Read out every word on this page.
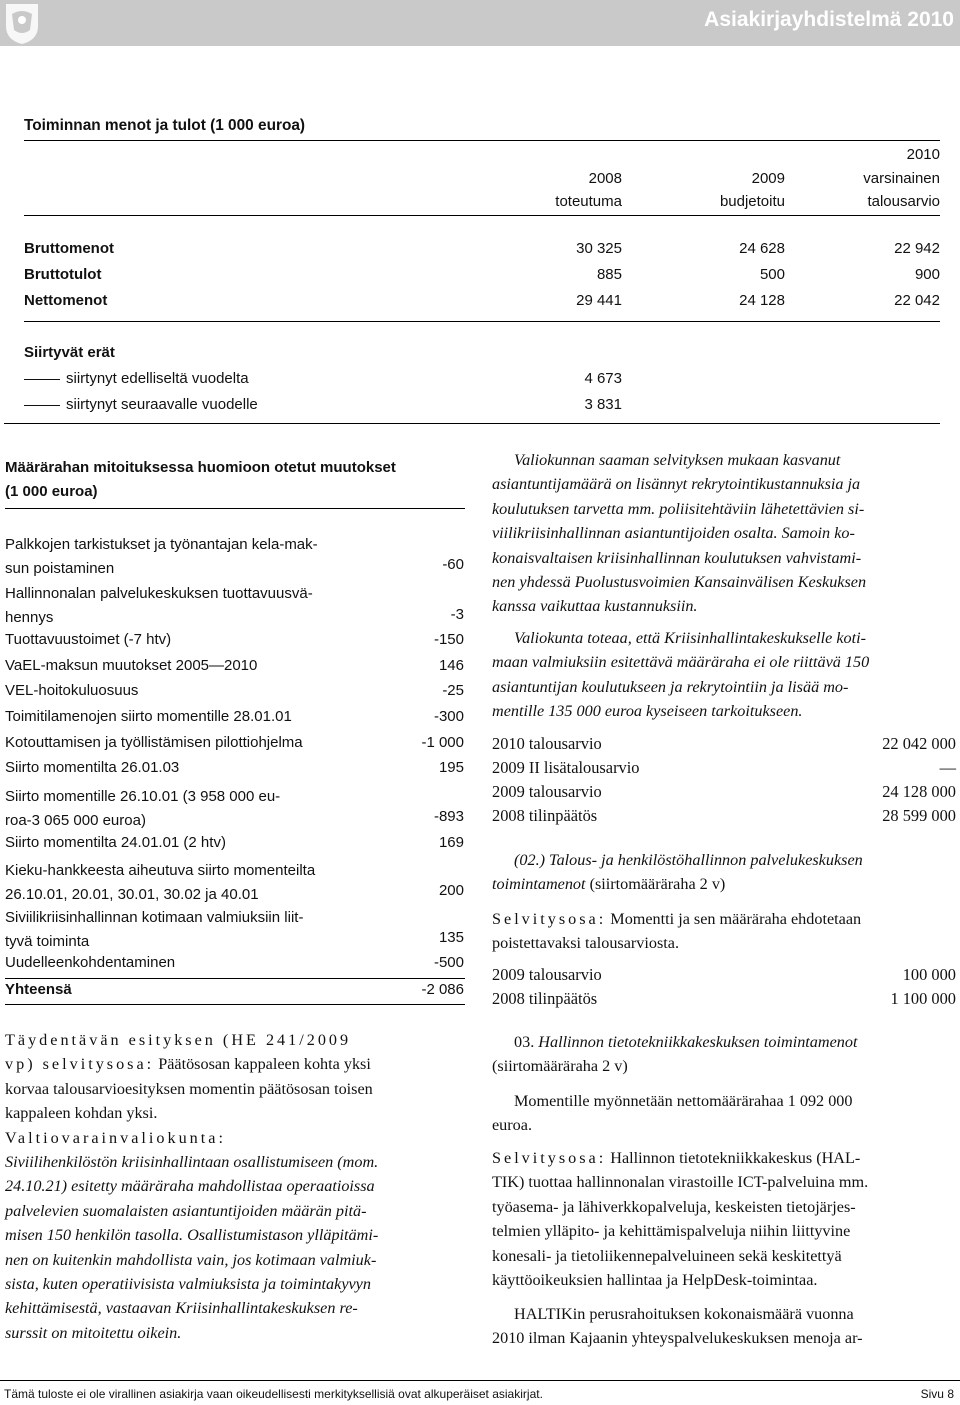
Asiakirjayhdistelmä 2010
Toiminnan menot ja tulot (1 000 euroa)
2008
toteutuma
2009
budjetoitu
2010
varsinainen
talousarvio
Bruttomenot	30 325	24 628	22 942
Bruttotulot	885	500	900
Nettomenot	29 441	24 128	22 042
Siirtyvät erät
siirtynyt edelliseltä vuodelta	4 673
siirtynyt seuraavalle vuodelle	3 831
Määrärahan mitoituksessa huomioon otetut muutokset
(1 000 euroa)
Palkkojen tarkistukset ja työnantajan kela-mak-
sun poistaminen	-60
Hallinnonalan palvelukeskuksen tuottavuusvä-
hennys	-3
Tuottavuustoimet (-7 htv)	-150
VaEL-maksun muutokset 2005—2010	146
VEL-hoitokuluosuus	-25
Toimitilamenojen siirto momentille 28.01.01	-300
Kotouttamisen ja työllistämisen pilottiohjelma	-1 000
Siirto momentilta 26.01.03	195
Siirto momentille 26.10.01 (3 958 000 eu-
roa-3 065 000 euroa)	-893
Siirto momentilta 24.01.01 (2 htv)	169
Kieku-hankkeesta aiheutuva siirto momenteilta
26.10.01, 20.01, 30.01, 30.02 ja 40.01	200
Siviilikriisinhallinnan kotimaan valmiuksiin liit-
tyvä toiminta	135
Uudelleenkohdentaminen	-500
Yhteensä	-2 086
Täydentävän esityksen (HE 241/2009
vp) selvitysosa: Päätösosan kappaleen kohta yksi
korvaa talousarvioesityksen momentin päätösosan toisen
kappaleen kohdan yksi.
Valtiovarainvaliokunta:
Siviilihenkilöstön kriisinhallintaan osallistumiseen (mom.
24.10.21) esitetty määräraha mahdollistaa operaatioissa
palvelevien suomalaisten asiantuntijoiden määrän pitä-
misen 150 henkilön tasolla. Osallistumistason ylläpitämi-
nen on kuitenkin mahdollista vain, jos kotimaan valmiuk-
sista, kuten operatiivisista valmiuksista ja toimintakyvyn
kehittämisestä, vastaavan Kriisinhallintakeskuksen re-
surssit on mitoitettu oikein.
Valiokunnan saaman selvityksen mukaan kasvanut
asiantuntijamäärä on lisännyt rekrytointikustannuksia ja
koulutuksen tarvetta mm. poliisitehtäviin lähetettävien si-
viilikriisinhallinnan asiantuntijoiden osalta. Samoin ko-
konaisvaltaisen kriisinhallinnan koulutuksen vahvistami-
nen yhdessä Puolustusvoimien Kansainvälisen Keskuksen
kanssa vaikuttaa kustannuksiin.
Valiokunta toteaa, että Kriisinhallintakeskukselle koti-
maan valmiuksiin esitettävä määräraha ei ole riittävä 150
asiantuntijan koulutukseen ja rekrytointiin ja lisää mo-
mentille 135 000 euroa kyseiseen tarkoitukseen.
2010 talousarvio	22 042 000
2009 II lisätalousarvio	—
2009 talousarvio	24 128 000
2008 tilinpäätös	28 599 000
(02.) Talous- ja henkilöstöhallinnon palvelukeskuksen
toimintamenot (siirtomääräraha 2 v)
Selvitysosa: Momentti ja sen määräraha ehdotetaan
poistettavaksi talousarviosta.
2009 talousarvio	100 000
2008 tilinpäätös	1 100 000
03. Hallinnon tietotekniikkakeskuksen toimintamenot
(siirtomääräraha 2 v)
Momentille myönnetään nettomäärärahaa 1 092 000
euroa.
Selvitysosa: Hallinnon tietotekniikkakeskus (HAL-
TIK) tuottaa hallinnonalan virastoille ICT-palveluina mm.
työasema- ja lähiverkkopalveluja, keskeisten tietojärjes-
telmien ylläpito- ja kehittämispalveluja niihin liittyvine
konesali- ja tietoliikennepalveluineen sekä keskitettyä
käyttöoikeuksien hallintaa ja HelpDesk-toimintaa.
HALTIKin perusrahoituksen kokonaismäärä vuonna
2010 ilman Kajaanin yhteyspalvelukeskuksen menoja ar-
Tämä tuloste ei ole virallinen asiakirja vaan oikeudellisesti merkityksellisiä ovat alkuperäiset asiakirjat.	Sivu 8
